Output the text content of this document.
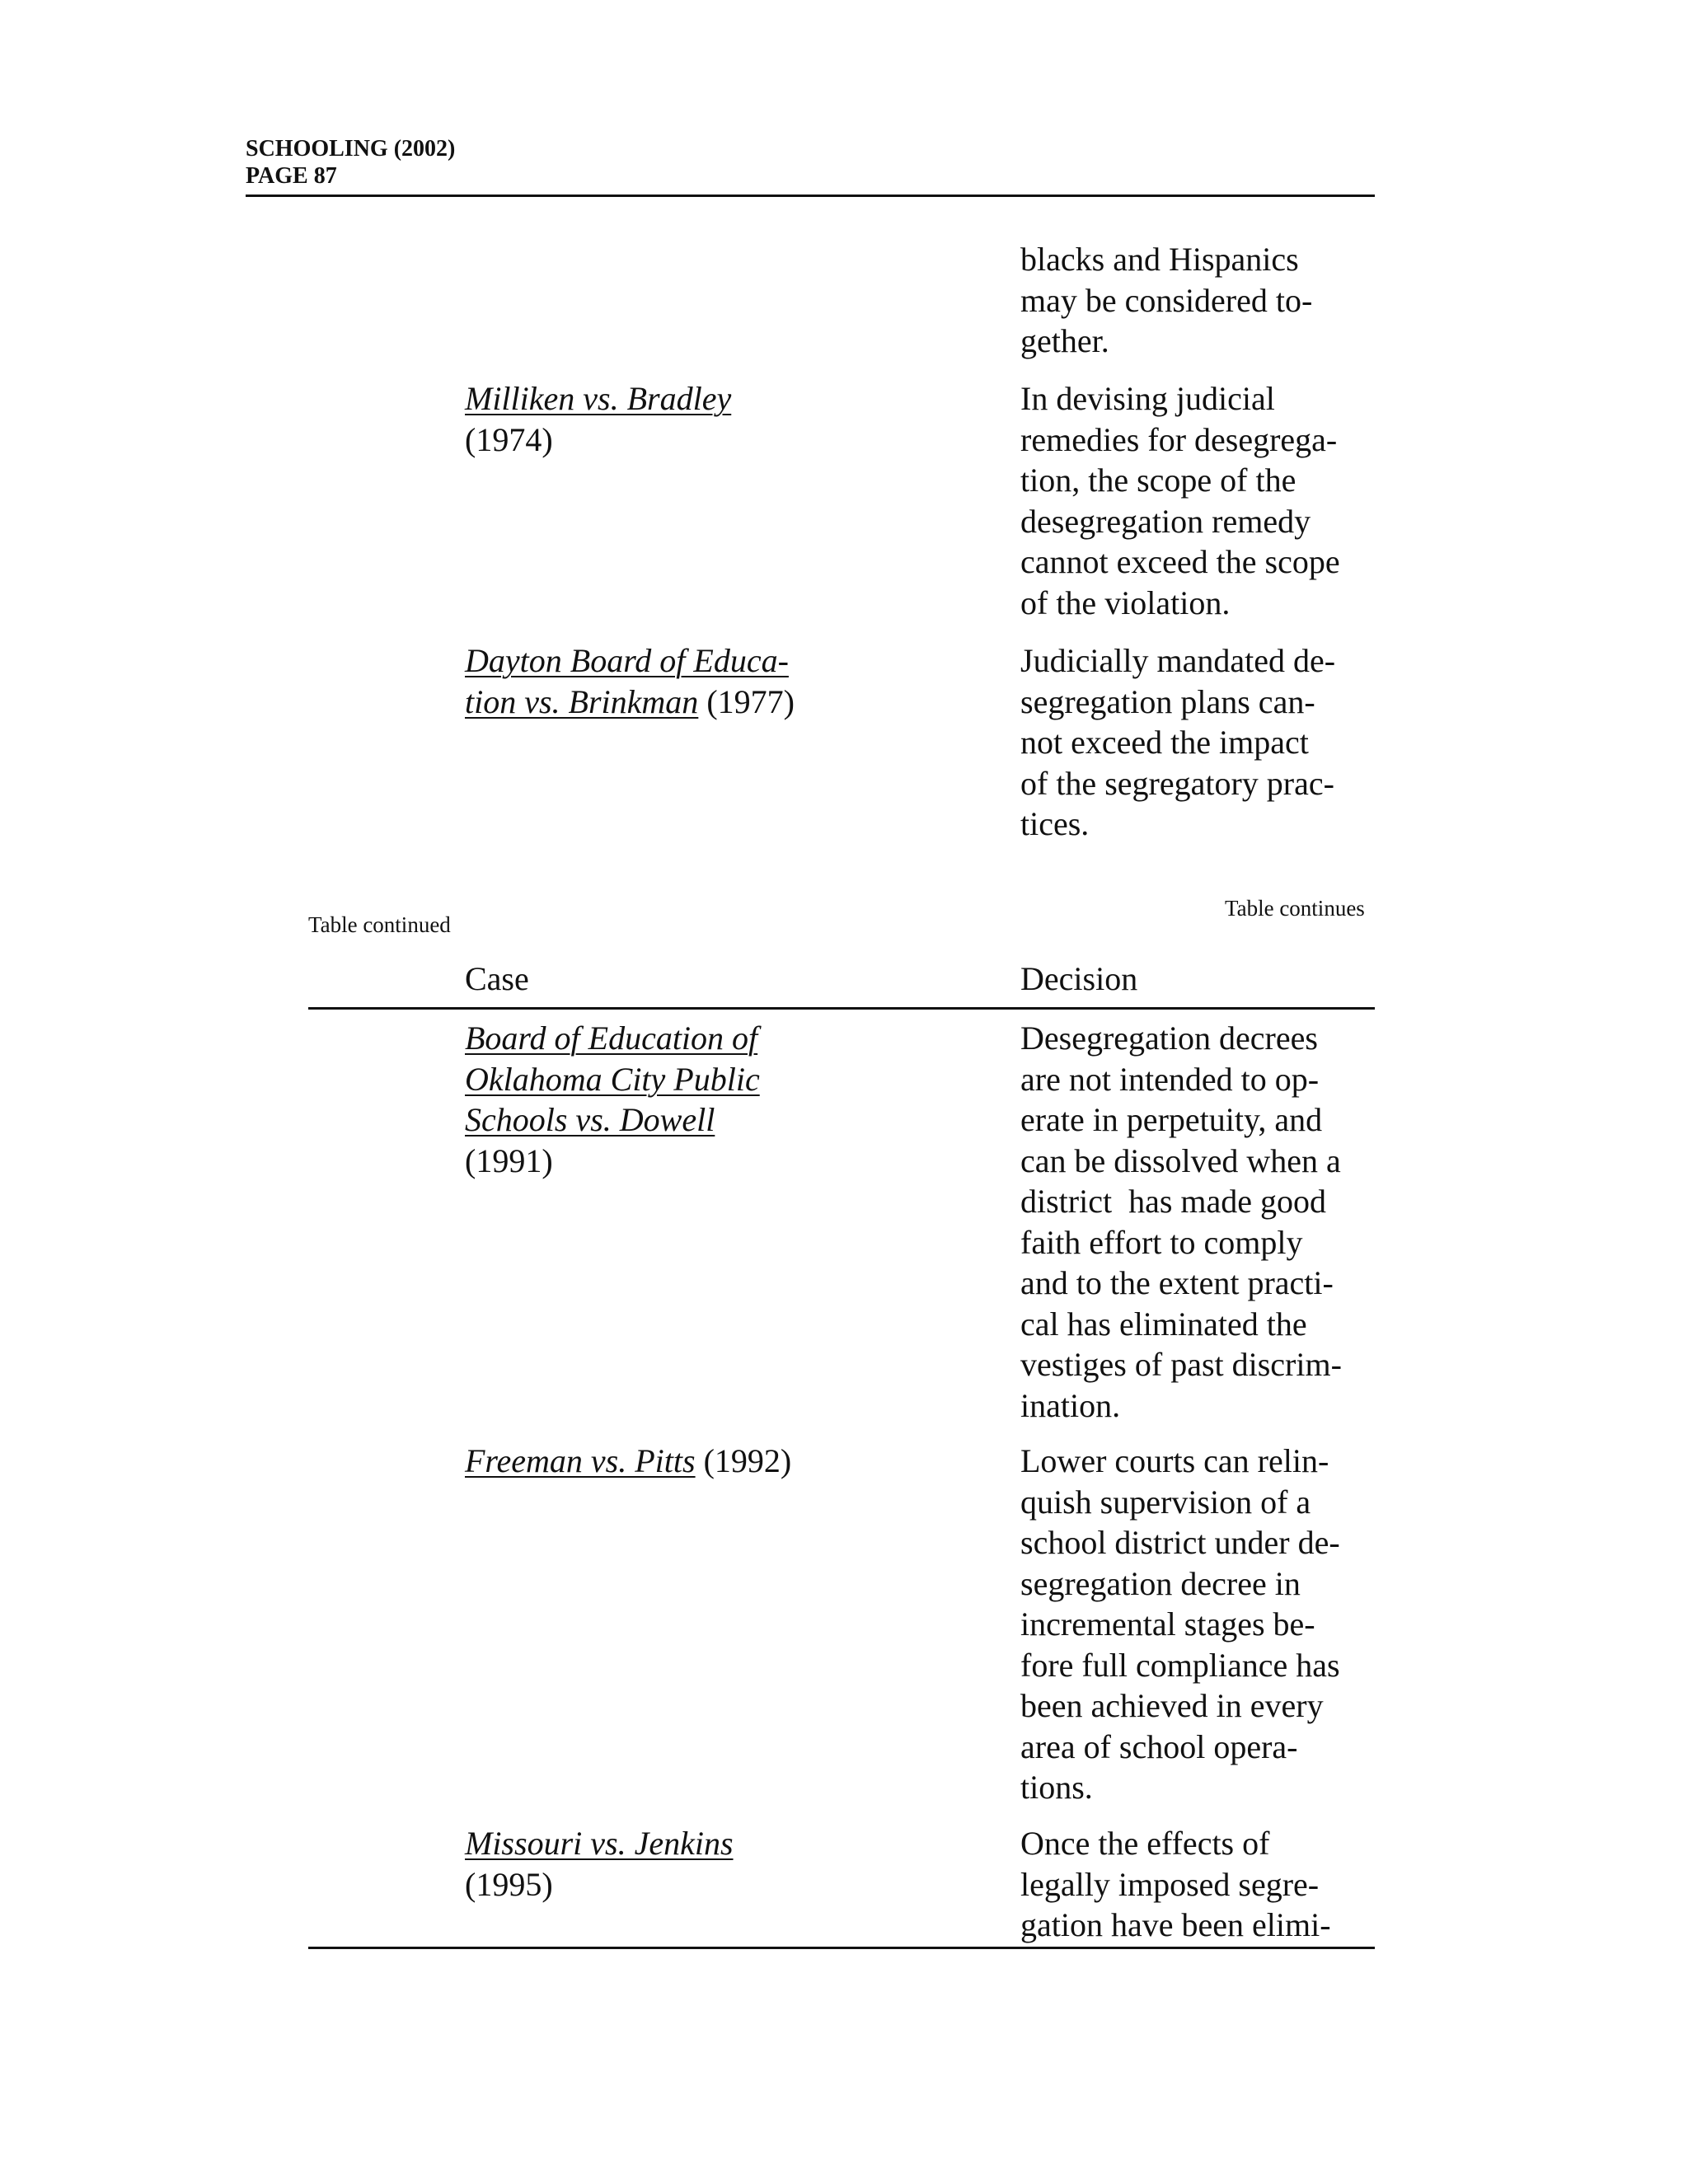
SCHOOLING (2002)
PAGE 87
blacks and Hispanics
may be considered to-
gether.
Milliken vs. Bradley
(1974)
In devising judicial
remedies for desegrega-
tion, the scope of the
desegregation remedy
cannot exceed the scope
of the violation.
Dayton Board of Educa-
tion vs. Brinkman (1977)
Judicially mandated de-
segregation plans can-
not exceed the impact
of the segregatory prac-
tices.
Table continues
Table continued
Case	Decision
Board of Education of
Oklahoma City Public
Schools vs. Dowell
(1991)
Desegregation decrees
are not intended to op-
erate in perpetuity, and
can be dissolved when a
district  has made good
faith effort to comply
and to the extent practi-
cal has eliminated the
vestiges of past discrim-
ination.
Freeman vs. Pitts (1992)	Lower courts can relin-
quish supervision of a
school district under de-
segregation decree in
incremental stages be-
fore full compliance has
been achieved in every
area of school opera-
tions.
Missouri vs. Jenkins
(1995)
Once the effects of
legally imposed segre-
gation have been elimi-
